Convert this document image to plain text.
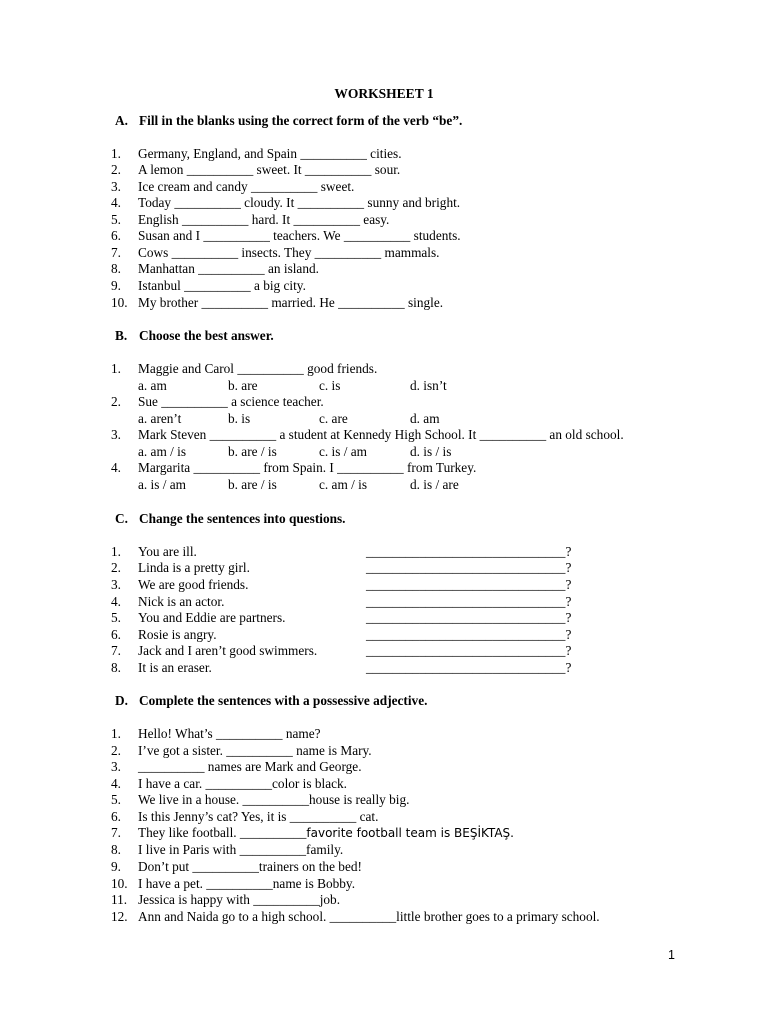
WORKSHEET 1
A. Fill in the blanks using the correct form of the verb “be”.
1. Germany, England, and Spain __________ cities.
2. A lemon __________ sweet. It __________ sour.
3. Ice cream and candy __________ sweet.
4. Today __________ cloudy. It __________ sunny and bright.
5. English __________ hard. It __________ easy.
6. Susan and I __________ teachers. We __________ students.
7. Cows __________ insects. They __________ mammals.
8. Manhattan __________ an island.
9. Istanbul __________ a big city.
10. My brother __________ married. He __________ single.
B. Choose the best answer.
1. Maggie and Carol __________ good friends.
a. am	b. are	c. is	d. isn’t
2. Sue __________ a science teacher.
a. aren’t	b. is	c. are	d. am
3. Mark Steven __________ a student at Kennedy High School. It __________ an old school.
a. am / is	b. are / is	c. is / am	d. is / is
4. Margarita __________ from Spain. I __________ from Turkey.
a. is / am	b. are / is	c. am / is	d. is / are
C. Change the sentences into questions.
1. You are ill.	______________________________?
2. Linda is a pretty girl.	______________________________?
3. We are good friends.	______________________________?
4. Nick is an actor.	______________________________?
5. You and Eddie are partners.	______________________________?
6. Rosie is angry.	______________________________?
7. Jack and I aren’t good swimmers.	______________________________?
8. It is an eraser.	______________________________?
D. Complete the sentences with a possessive adjective.
1. Hello! What’s __________ name?
2. I’ve got a sister. __________ name is Mary.
3. __________ names are Mark and George.
4. I have a car. __________color is black.
5. We live in a house. __________house is really big.
6. Is this Jenny’s cat? Yes, it is __________ cat.
7. They like football. __________favorite football team is BEŞİKTAŞ.
8. I live in Paris with __________family.
9. Don’t put __________trainers on the bed!
10. I have a pet. __________name is Bobby.
11. Jessica is happy with __________job.
12. Ann and Naida go to a high school. __________little brother goes to a primary school.
1
